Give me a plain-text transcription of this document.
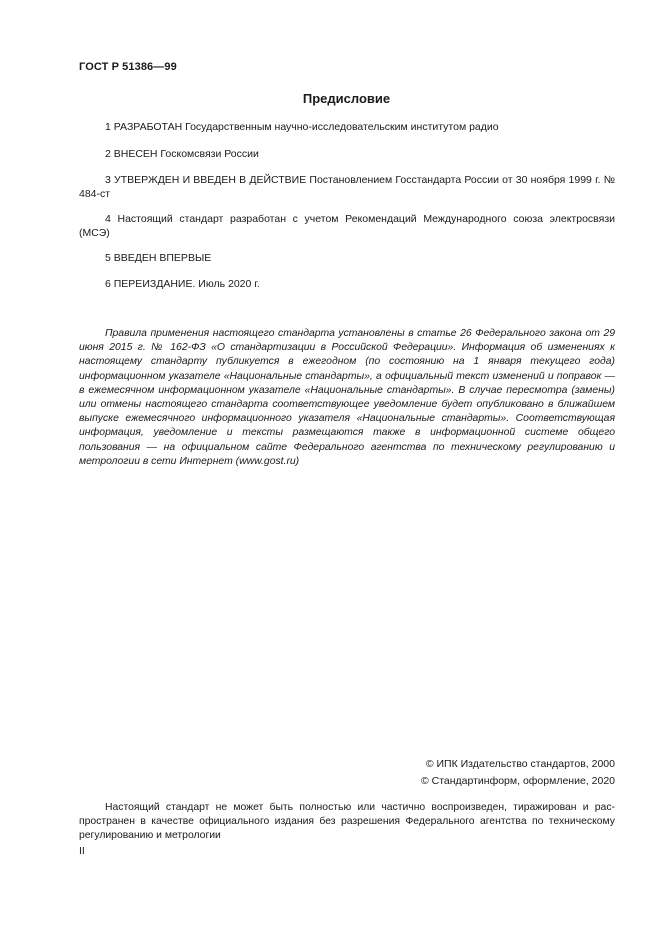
ГОСТ Р 51386—99
Предисловие

1 РАЗРАБОТАН Государственным научно-исследовательским институтом радио

2 ВНЕСЕН Госкомсвязи России

3 УТВЕРЖДЕН И ВВЕДЕН В ДЕЙСТВИЕ Постановлением Госстандарта России от 30 ноября 1999 г. № 484-ст

4 Настоящий стандарт разработан с учетом Рекомендаций Международного союза электросвязи (МСЭ)

5 ВВЕДЕН ВПЕРВЫЕ

6 ПЕРЕИЗДАНИЕ. Июль 2020 г.

Правила применения настоящего стандарта установлены в статье 26 Федерального закона от 29 июня 2015 г. № 162-ФЗ «О стандартизации в Российской Федерации». Информация об изменениях к настоящему стандарту публикуется в ежегодном (по состоянию на 1 января текущего года) информационном указателе «Национальные стандарты», а официальный текст изменений и поправок — в ежемесячном информационном указателе «Национальные стандарты». В случае пересмотра (замены) или отмены настоящего стандарта соответствующее уведомление будет опубликовано в ближайшем выпуске ежемесячного информационного указателя «Национальные стандарты». Соответствующая информация, уведомление и тексты размещаются также в информационной системе общего пользования — на официальном сайте Федерального агентства по техническому регулированию и метрологии в сети Интернет (www.gost.ru)

© ИПК Издательство стандартов, 2000
© Стандартинформ, оформление, 2020

Настоящий стандарт не может быть полностью или частично воспроизведен, тиражирован и распространен в качестве официального издания без разрешения Федерального агентства по техническому регулированию и метрологии

II
